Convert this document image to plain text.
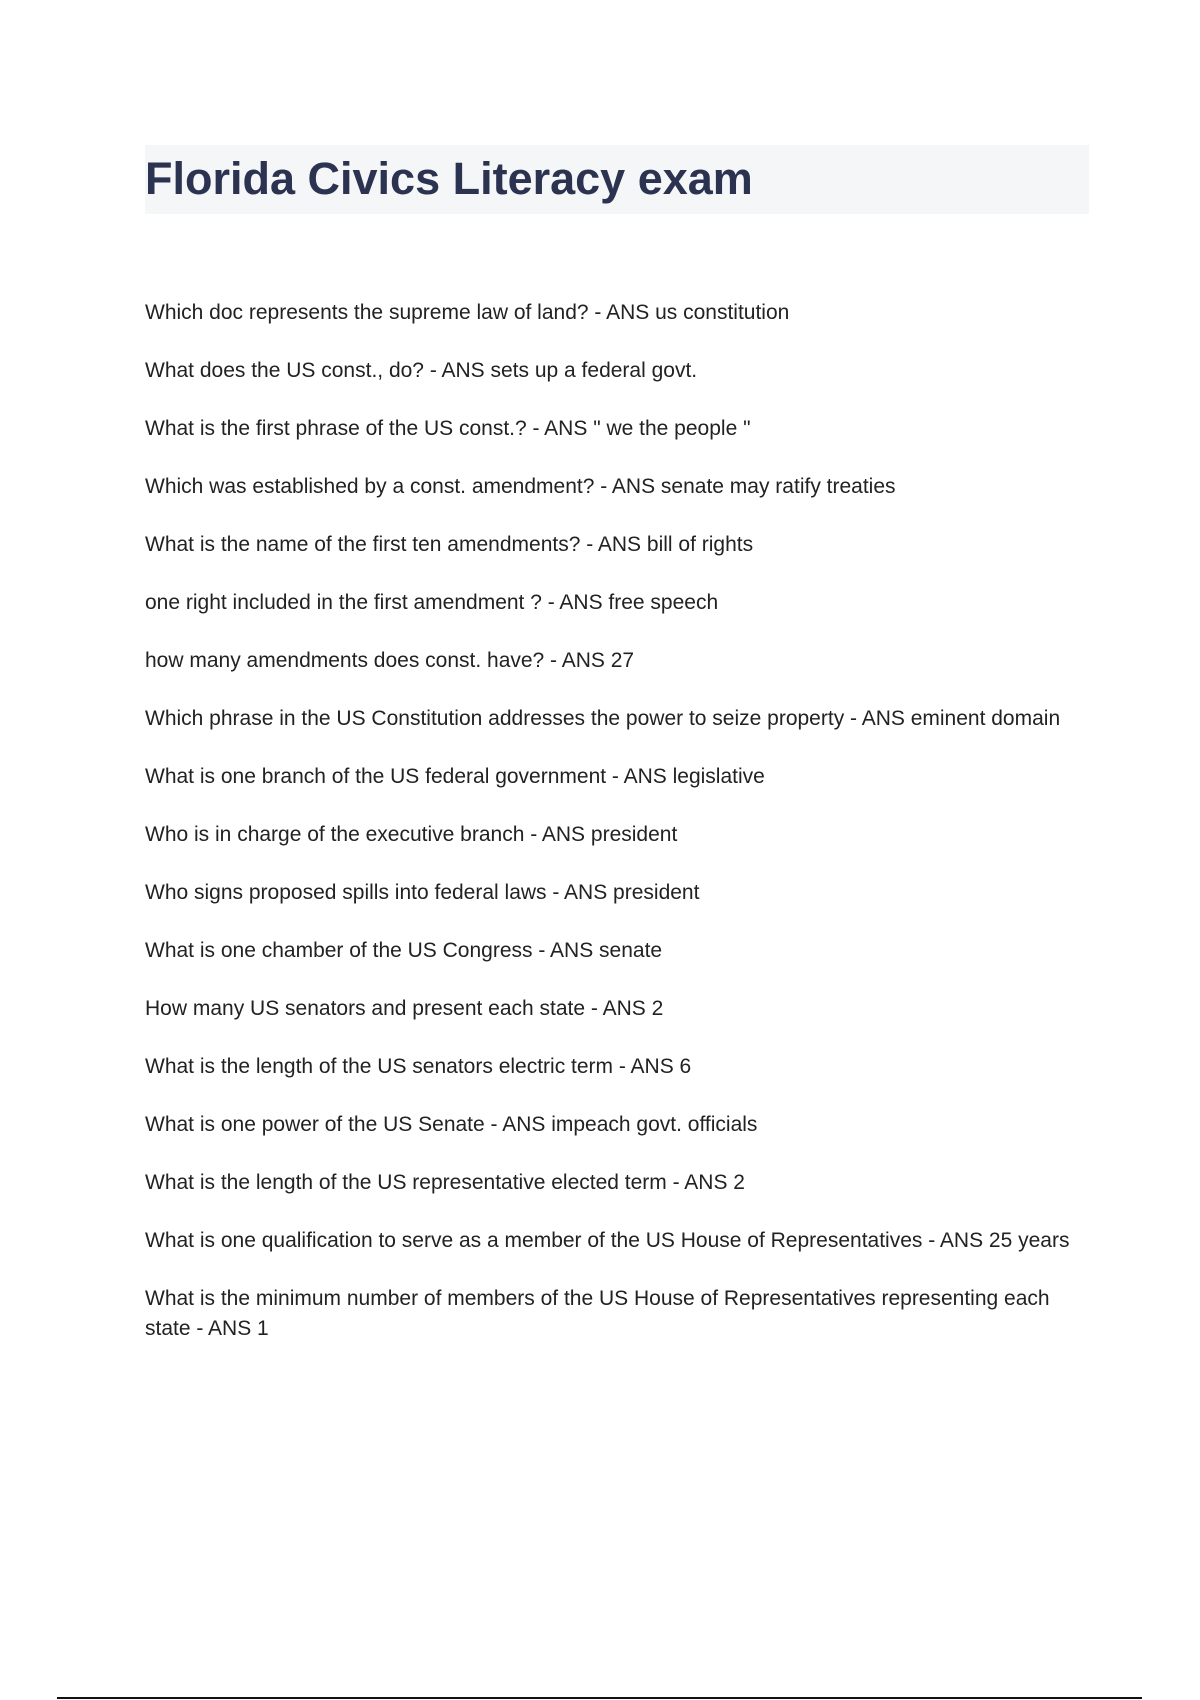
Florida Civics Literacy exam
Which doc represents the supreme law of land? - ANS us constitution
What does the US const., do? - ANS sets up a federal govt.
What is the first phrase of the US const.? - ANS " we the people "
Which was established by a const. amendment? - ANS senate may ratify treaties
What is the name of the first ten amendments? - ANS bill of rights
one right included in the first amendment ? - ANS free speech
how many amendments does const. have? - ANS 27
Which phrase in the US Constitution addresses the power to seize property - ANS eminent domain
What is one branch of the US federal government - ANS legislative
Who is in charge of the executive branch - ANS president
Who signs proposed spills into federal laws - ANS president
What is one chamber of the US Congress - ANS senate
How many US senators and present each state - ANS 2
What is the length of the US senators electric term - ANS 6
What is one power of the US Senate - ANS impeach govt. officials
What is the length of the US representative elected term - ANS 2
What is one qualification to serve as a member of the US House of Representatives - ANS 25 years
What is the minimum number of members of the US House of Representatives representing each state - ANS 1
